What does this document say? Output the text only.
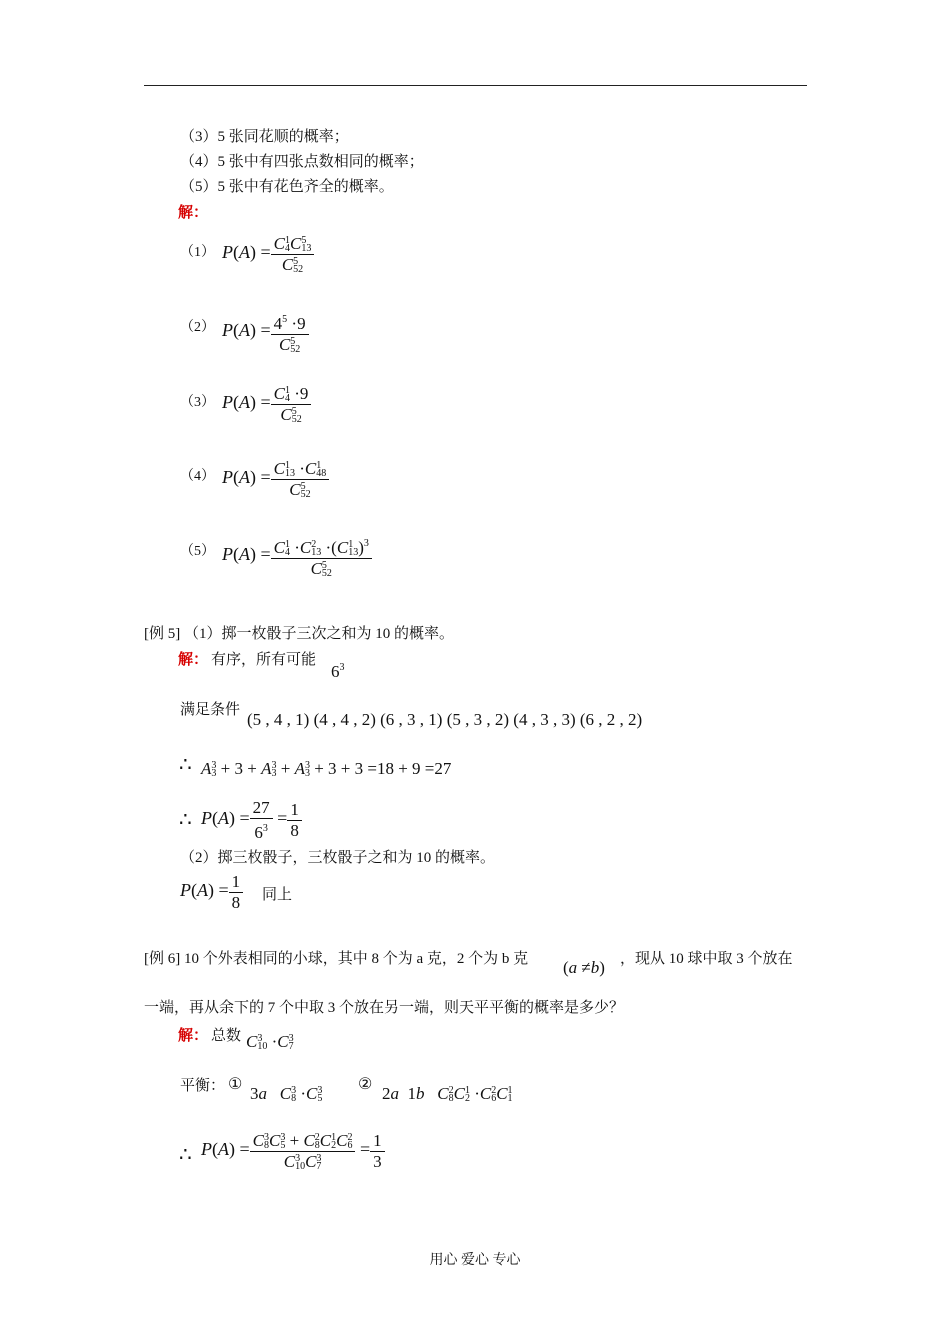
（3）5 张同花顺的概率；
（4）5 张中有四张点数相同的概率；
（5）5 张中有花色齐全的概率。
解：
（1） P(A) = C 1
4 C 5
13
C 5
52
（2） $P(A) = 4^5 \cdot 9$
C 5
52
（3） P(A) = C 1
4 ·9
C 5
52
（4） P(A) = C 1
13 ·C 1
48
C 5
52
（5） P(A) = C 1
4 ·C 2
13 ·(C 1
13 )$^3$
C 5
52
[例 5] （1）掷一枚骰子三次之和为 10 的概率。
解： 有序，所有可能
$6^3$
满足条件 (5 , 4 , 1) (4 , 4 , 2) (6 , 3 , 1) (5 , 3 , 2) (4 , 3 , 3) (6 , 2 , 2)
∴ A 3
3 + 3 + A 3
3 + A 3
3 + 3 + 3 =18 + 9 =27
∴ $P(A) = \frac{27}{6^3} = \frac{1}{8}$
（2）掷三枚骰子，三枚骰子之和为 10 的概率。
$P(A) = \frac{1}{8}$ 同上
[例 6] 10 个外表相同的小球，其中 8 个为 a 克，2 个为 b 克 (a ≠b) ，现从 10 球中取 3 个放在
一端，再从余下的 7 个中取 3 个放在另一端，则天平平衡的概率是多少？
解： 总数 C 3
10 ·C 3
7
平衡： ① 3a C 3
8 ·C 3
5
② 2a  1b C 2
8 C 1
2 ·C 2
6 C 1
1
∴ P(A) = C 3
8 C 3
5 + C 2
8 C 1
2 C 2
6
C 3
10 C 3
$7 = \frac{1}{3}$
用心 爱心 专心
